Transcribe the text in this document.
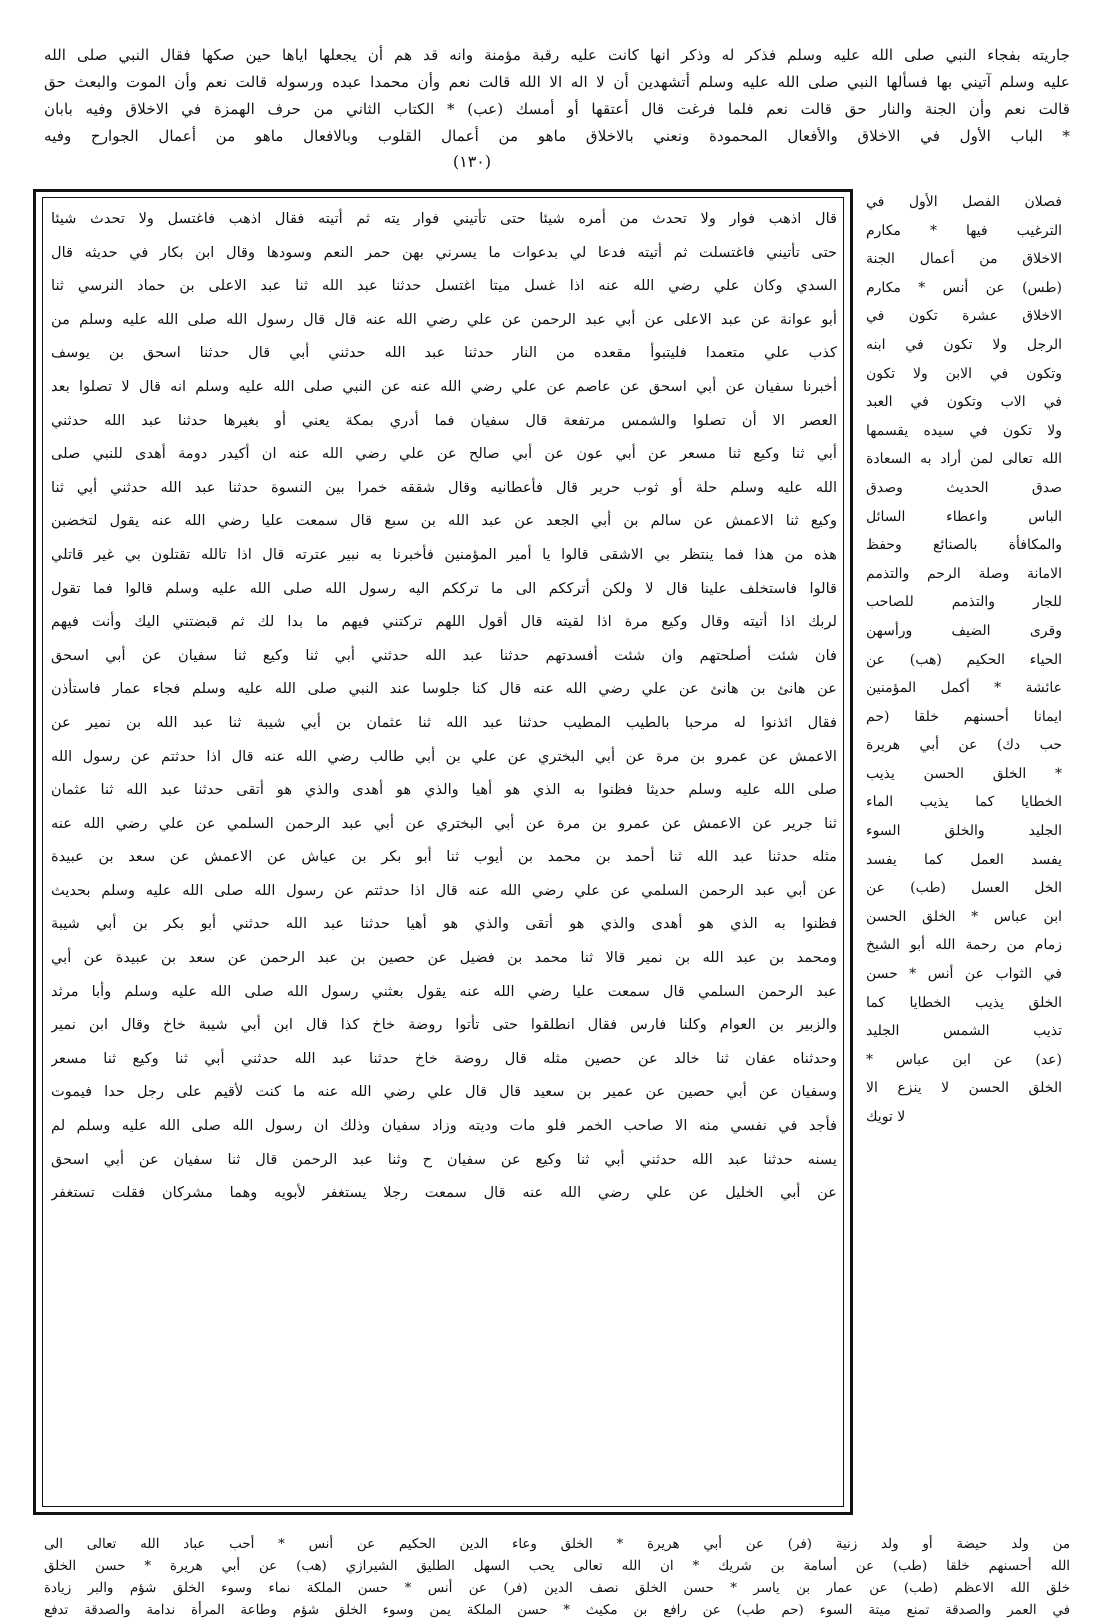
جاريته بفجاء النبي صلى الله عليه وسلم فذكر له وذكر انها كانت عليه رقبة مؤمنة وانه قد هم أن يجعلها اياها حين صكها فقال النبي صلى الله
عليه وسلم آتيني بها فسألها النبي صلى الله عليه وسلم أتشهدين أن لا اله الا الله قالت نعم وأن محمدا عبده ورسوله قالت نعم وأن الموت والبعث حق
قالت نعم وأن الجنة والنار حق قالت نعم فلما فرغت قال أعتقها أو أمسك (عب) * الكتاب الثاني من حرف الهمزة في الاخلاق وفيه بابان
* الباب الأول في الاخلاق والأفعال المحمودة ونعني بالاخلاق ماهو من أعمال القلوب وبالافعال ماهو من أعمال الجوارح وفيه
(١٣٠)
فصلان الفصل الأول في
الترغيب فيها * مكارم
الاخلاق من أعمال الجنة
(طس) عن أنس * مكارم
الاخلاق عشرة تكون في
الرجل ولا تكون في ابنه
وتكون في الابن ولا تكون
في الاب وتكون في العبد
ولا تكون في سيده يقسمها
الله تعالى لمن أراد به السعادة
صدق الحديث وصدق
الباس واعطاء السائل
والمكافأة بالصنائع وحفظ
الامانة وصلة الرحم والتذمم
للجار والتذمم للصاحب
وقرى الضيف ورأسهن
الحياء الحكيم (هب) عن
عائشة * أكمل المؤمنين
ايمانا أحسنهم خلقا (حم
حب دك) عن أبي هريرة
* الخلق الحسن يذيب
الخطايا كما يذيب الماء
الجليد والخلق السوء
يفسد العمل كما يفسد
الخل العسل (طب) عن
ابن عباس * الخلق الحسن
زمام من رحمة الله أبو الشيخ
في الثواب عن أنس * حسن
الخلق يذيب الخطايا كما
تذيب الشمس الجليد
(عد) عن ابن عباس *
الخلق الحسن لا ينزع الا
لا تويك
قال اذهب فوار ولا تحدث من أمره شيئا حتى تأتيني فوار يته ثم أتيته فقال اذهب فاغتسل ولا تحدث شيئا
حتى تأتيني فاغتسلت ثم أتيته فدعا لي بدعوات ما يسرني بهن حمر النعم وسودها وقال ابن بكار في حديثه قال
السدي وكان علي رضي الله عنه اذا غسل ميتا اغتسل حدثنا عبد الله ثنا عبد الاعلى بن حماد النرسي ثنا
أبو عوانة عن عبد الاعلى عن أبي عبد الرحمن عن علي رضي الله عنه قال قال رسول الله صلى الله عليه وسلم من
كذب علي متعمدا فليتبوأ مقعده من النار حدثنا عبد الله حدثني أبي قال حدثنا اسحق بن يوسف
أخبرنا سفيان عن أبي اسحق عن عاصم عن علي رضي الله عنه عن النبي صلى الله عليه وسلم انه قال لا تصلوا بعد
العصر الا أن تصلوا والشمس مرتفعة قال سفيان فما أدري بمكة يعني أو بغيرها حدثنا عبد الله حدثني
أبي ثنا وكيع ثنا مسعر عن أبي عون عن أبي صالح عن علي رضي الله عنه ان أكيدر دومة أهدى للنبي صلى
الله عليه وسلم حلة أو ثوب حرير قال فأعطانيه وقال شققه خمرا بين النسوة حدثنا عبد الله حدثني أبي ثنا
وكيع ثنا الاعمش عن سالم بن أبي الجعد عن عبد الله بن سبع قال سمعت عليا رضي الله عنه يقول لتخضبن
هذه من هذا فما ينتظر بي الاشقى قالوا يا أمير المؤمنين فأخبرنا به نبير عترته قال اذا تالله تقتلون بي غير قاتلي
قالوا فاستخلف علينا قال لا ولكن أترككم الى ما ترككم اليه رسول الله صلى الله عليه وسلم قالوا فما تقول
لربك اذا أتيته وقال وكيع مرة اذا لقيته قال أقول اللهم تركتني فيهم ما بدا لك ثم قبضتني اليك وأنت فيهم
فان شئت أصلحتهم وان شئت أفسدتهم حدثنا عبد الله حدثني أبي ثنا وكيع ثنا سفيان عن أبي اسحق
عن هانئ بن هانئ عن علي رضي الله عنه قال كنا جلوسا عند النبي صلى الله عليه وسلم فجاء عمار فاستأذن
فقال ائذنوا له مرحبا بالطيب المطيب حدثنا عبد الله ثنا عثمان بن أبي شيبة ثنا عبد الله بن نمير عن
الاعمش عن عمرو بن مرة عن أبي البختري عن علي بن أبي طالب رضي الله عنه قال اذا حدثتم عن رسول الله
صلى الله عليه وسلم حديثا فظنوا به الذي هو أهيا والذي هو أهدى والذي هو أتقى حدثنا عبد الله ثنا عثمان
ثنا جرير عن الاعمش عن عمرو بن مرة عن أبي البختري عن أبي عبد الرحمن السلمي عن علي رضي الله عنه
مثله حدثنا عبد الله ثنا أحمد بن محمد بن أيوب ثنا أبو بكر بن عياش عن الاعمش عن سعد بن عبيدة
عن أبي عبد الرحمن السلمي عن علي رضي الله عنه قال اذا حدثتم عن رسول الله صلى الله عليه وسلم بحديث
فظنوا به الذي هو أهدى والذي هو أتقى والذي هو أهيا حدثنا عبد الله حدثني أبو بكر بن أبي شيبة
ومحمد بن عبد الله بن نمير قالا ثنا محمد بن فضيل عن حصين بن عبد الرحمن عن سعد بن عبيدة عن أبي
عبد الرحمن السلمي قال سمعت عليا رضي الله عنه يقول بعثني رسول الله صلى الله عليه وسلم وأبا مرثد
والزبير بن العوام وكلنا فارس فقال انطلقوا حتى تأتوا روضة خاخ كذا قال ابن أبي شيبة خاخ وقال ابن نمير
وحدثناه عفان ثنا خالد عن حصين مثله قال روضة خاخ حدثنا عبد الله حدثني أبي ثنا وكيع ثنا مسعر
وسفيان عن أبي حصين عن عمير بن سعيد قال قال علي رضي الله عنه ما كنت لأقيم على رجل حدا فيموت
فأجد في نفسي منه الا صاحب الخمر فلو مات وديته وزاد سفيان وذلك ان رسول الله صلى الله عليه وسلم لم
يسنه حدثنا عبد الله حدثني أبي ثنا وكيع عن سفيان ح وثنا عبد الرحمن قال ثنا سفيان عن أبي اسحق
عن أبي الخليل عن علي رضي الله عنه قال سمعت رجلا يستغفر لأبويه وهما مشركان فقلت تستغفر
من ولد حيضة أو ولد زنية (فر) عن أبي هريرة * الخلق وعاء الدين الحكيم عن أنس * أحب عباد الله تعالى الى
الله أحسنهم خلقا (طب) عن أسامة بن شريك * ان الله تعالى يحب السهل الطليق الشيرازي (هب) عن أبي هريرة * حسن الخلق
خلق الله الاعظم (طب) عن عمار بن ياسر * حسن الخلق نصف الدين (فر) عن أنس * حسن الملكة نماء وسوء الخلق شؤم والبر زيادة
في العمر والصدقة تمنع ميتة السوء (حم طب) عن رافع بن مكيث * حسن الملكة يمن وسوء الخلق شؤم وطاعة المرأة ندامة والصدقة تدفع
